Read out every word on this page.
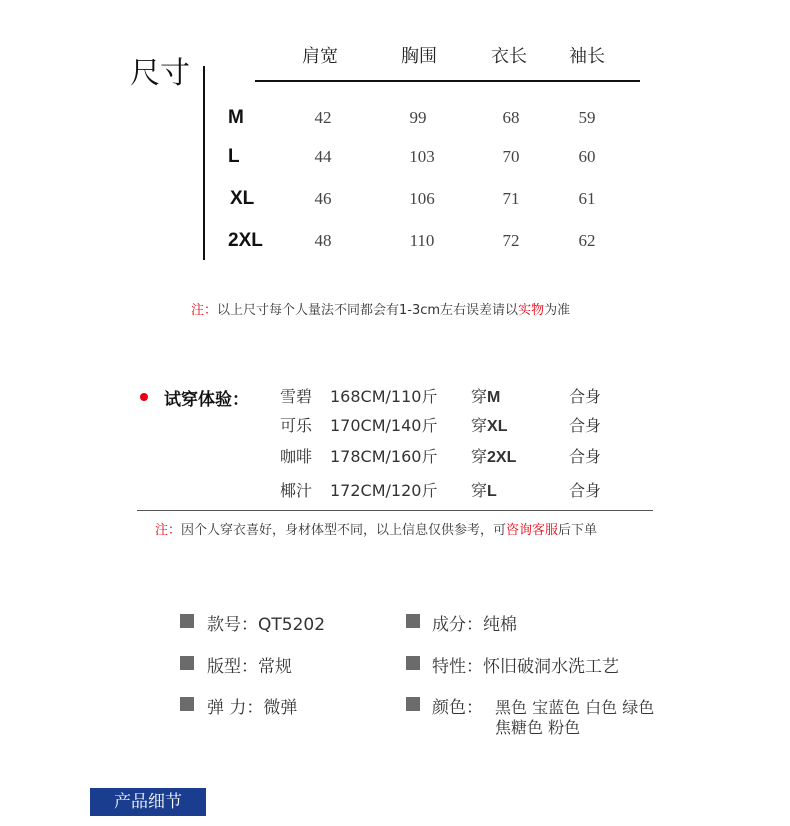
尺寸	肩宽	胸围	衣长 袖长
M	42	99	68	59
L	44	103	70	60
XL	46	106	71	61
2XL	48	110	72	62
注：以上尺寸每个人量法不同都会有1-3cm左右误差请以实物为准
试穿体验： 雪碧 168CM/110斤 穿M	合身
可乐 170CM/140斤 穿XL	合身
咖啡 178CM/160斤 穿2XL	合身
椰汁 172CM/120斤 穿L	合身
注：因个人穿衣喜好，身材体型不同，以上信息仅供参考，可咨询客服后下单
款号：QT5202	成分：纯棉
版型：常规	特性：怀旧破洞水洗工艺
弹 力：微弹	颜色： 黑色 宝蓝色 白色 绿色
焦糖色 粉色
产品细节
